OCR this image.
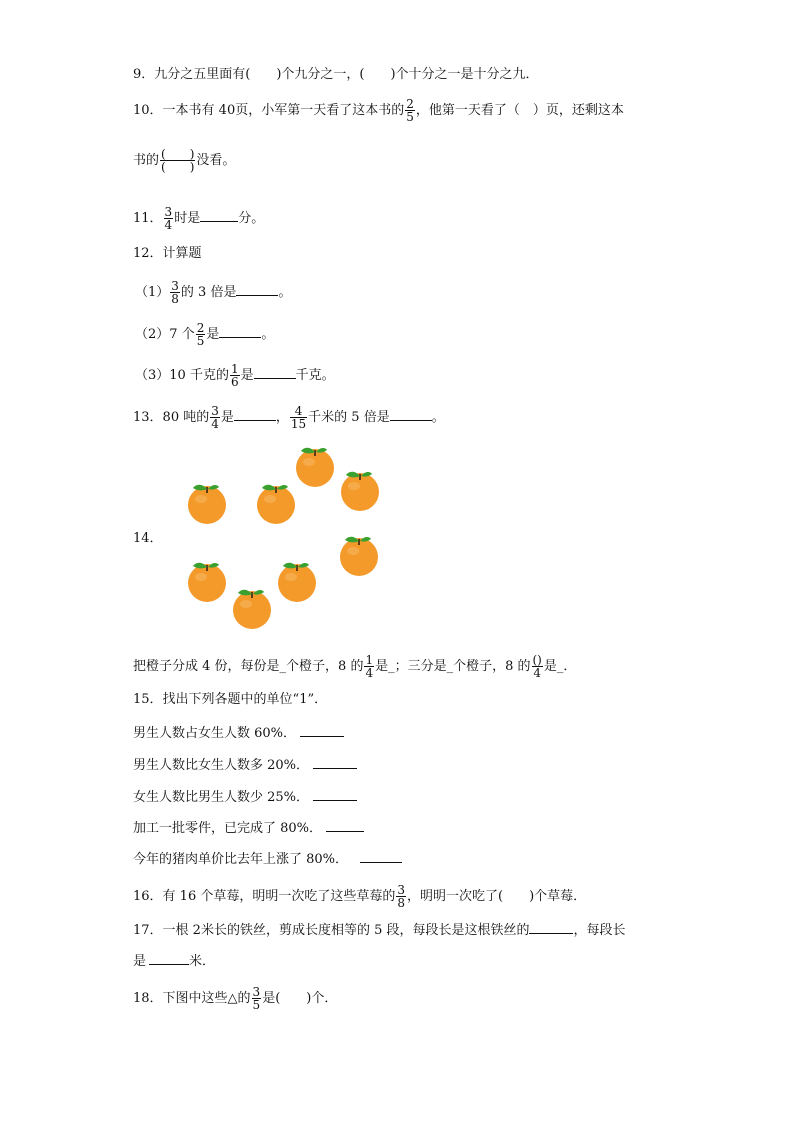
9．九分之五里面有(　　)个九分之一，(　　)个十分之一是十分之九．
10．一本书有 40页，小军第一天看了这本书的 $\frac{2}{5}$ ，他第一天看了（　）页，还剩这本
书的 (　　)
(　　) 没看。
11． $\frac{3}{4}$ 时是	分。
12．计算题
$(1) \frac{3}{8}$ 的 3 倍是	。
（2）7 个 $\frac{2}{5}$ 是	。
（3）10 千克的 $\frac{1}{6}$ 是	千克。
13．80 吨的 $\frac{3}{4}$ 是	， $\frac{4}{15}$ 千米的 5 倍是	。
14．
把橙子分成 4 份，每份是_个橙子，8 的 $\frac{1}{4}$ 是_；三分是_个橙子，8 的 ()
4 是_．
15．找出下列各题中的单位“1”．
男生人数占女生人数 60%．
男生人数比女生人数多 20%．
女生人数比男生人数少 25%．
加工一批零件，已完成了 80%．
今年的猪肉单价比去年上涨了 80%．
16．有 16 个草莓，明明一次吃了这些草莓的 $\frac{3}{8}$ ，明明一次吃了(　　)个草莓．
17．一根 2米长的铁丝，剪成长度相等的 5 段，每段长是这根铁丝的	，每段长
是	米．
18．下图中这些△的 $\frac{3}{5}$ 是(　　)个．
